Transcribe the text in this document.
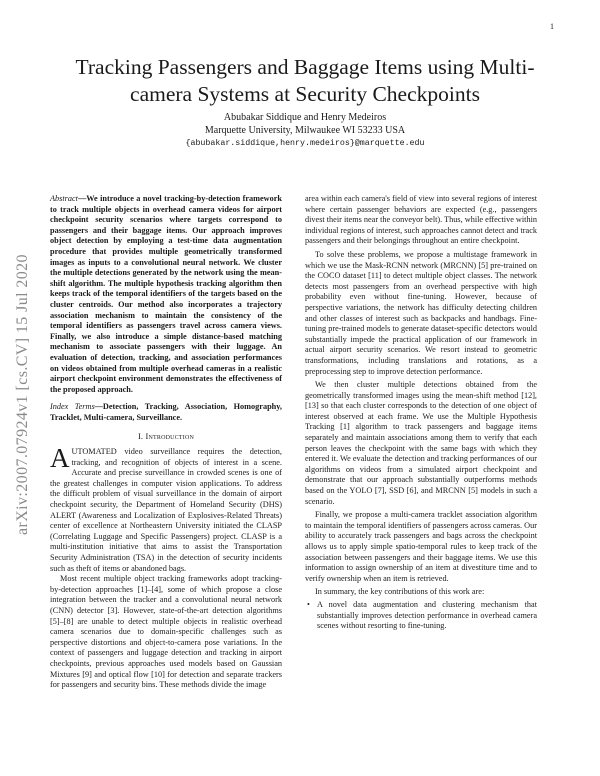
1
arXiv:2007.07924v1 [cs.CV] 15 Jul 2020
Tracking Passengers and Baggage Items using Multi-camera Systems at Security Checkpoints
Abubakar Siddique and Henry Medeiros
Marquette University, Milwaukee WI 53233 USA
{abubakar.siddique,henry.medeiros}@marquette.edu
Abstract—We introduce a novel tracking-by-detection framework to track multiple objects in overhead camera videos for airport checkpoint security scenarios where targets correspond to passengers and their baggage items. Our approach improves object detection by employing a test-time data augmentation procedure that provides multiple geometrically transformed images as inputs to a convolutional neural network. We cluster the multiple detections generated by the network using the mean-shift algorithm. The multiple hypothesis tracking algorithm then keeps track of the temporal identifiers of the targets based on the cluster centroids. Our method also incorporates a trajectory association mechanism to maintain the consistency of the temporal identifiers as passengers travel across camera views. Finally, we also introduce a simple distance-based matching mechanism to associate passengers with their luggage. An evaluation of detection, tracking, and association performances on videos obtained from multiple overhead cameras in a realistic airport checkpoint environment demonstrates the effectiveness of the proposed approach.
Index Terms—Detection, Tracking, Association, Homography, Tracklet, Multi-camera, Surveillance.
I. Introduction

AUTOMATED video surveillance requires the detection, tracking, and recognition of objects of interest in a scene. Accurate and precise surveillance in crowded scenes is one of the greatest challenges in computer vision applications. To address the difficult problem of visual surveillance in the domain of airport checkpoint security, the Department of Homeland Security (DHS) ALERT (Awareness and Localization of Explosives-Related Threats) center of excellence at Northeastern University initiated the CLASP (Correlating Luggage and Specific Passengers) project. CLASP is a multi-institution initiative that aims to assist the Transportation Security Administration (TSA) in the detection of security incidents such as theft of items or abandoned bags.

Most recent multiple object tracking frameworks adopt tracking-by-detection approaches [1]–[4], some of which propose a close integration between the tracker and a convolutional neural network (CNN) detector [3]. However, state-of-the-art detection algorithms [5]–[8] are unable to detect multiple objects in realistic overhead camera scenarios due to domain-specific challenges such as perspective distortions and object-to-camera pose variations. In the context of passengers and luggage detection and tracking in airport checkpoints, previous approaches used models based on Gaussian Mixtures [9] and optical flow [10] for detection and separate trackers for passengers and security bins. These methods divide the image

area within each camera's field of view into several regions of interest where certain passenger behaviors are expected (e.g., passengers divest their items near the conveyor belt). Thus, while effective within individual regions of interest, such approaches cannot detect and track passengers and their belongings throughout an entire checkpoint.

To solve these problems, we propose a multistage framework in which we use the Mask-RCNN network (MRCNN) [5] pre-trained on the COCO dataset [11] to detect multiple object classes. The network detects most passengers from an overhead perspective with high probability even without fine-tuning. However, because of perspective variations, the network has difficulty detecting children and other classes of interest such as backpacks and handbags. Fine-tuning pre-trained models to generate dataset-specific detectors would substantially impede the practical application of our framework in actual airport security scenarios. We resort instead to geometric transformations, including translations and rotations, as a preprocessing step to improve detection performance.

We then cluster multiple detections obtained from the geometrically transformed images using the mean-shift method [12], [13] so that each cluster corresponds to the detection of one object of interest observed at each frame. We use the Multiple Hypothesis Tracking [1] algorithm to track passengers and baggage items separately and maintain associations among them to verify that each person leaves the checkpoint with the same bags with which they entered it. We evaluate the detection and tracking performances of our algorithms on videos from a simulated airport checkpoint and demonstrate that our approach substantially outperforms methods based on the YOLO [7], SSD [6], and MRCNN [5] models in such a scenario.

Finally, we propose a multi-camera tracklet association algorithm to maintain the temporal identifiers of passengers across cameras. Our ability to accurately track passengers and bags across the checkpoint allows us to apply simple spatio-temporal rules to keep track of the association between passengers and their baggage items. We use this information to assign ownership of an item at divestiture time and to verify ownership when an item is retrieved.

In summary, the key contributions of this work are:

• A novel data augmentation and clustering mechanism that substantially improves detection performance in overhead camera scenes without resorting to fine-tuning.
